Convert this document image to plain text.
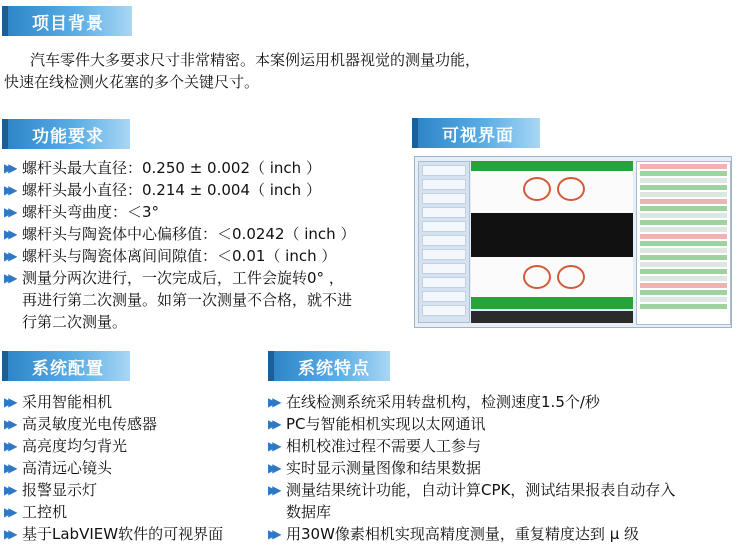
项目背景
汽车零件大多要求尺寸非常精密。本案例运用机器视觉的测量功能，
快速在线检测火花塞的多个关键尺寸。
功能要求
▶▶ 螺杆头最大直径：0.250 ± 0.002（ inch ）
▶▶ 螺杆头最小直径：0.214 ± 0.004（ inch ）
▶▶ 螺杆头弯曲度：＜3°
▶▶ 螺杆头与陶瓷体中心偏移值：＜0.0242（ inch ）
▶▶ 螺杆头与陶瓷体离间间隙值：＜0.01（ inch ）
▶▶ 测量分两次进行，一次完成后，工件会旋转0° ，
再进行第二次测量。如第一次测量不合格，就不进
行第二次测量。
可视界面
系统配置
▶▶ 采用智能相机
▶▶ 高灵敏度光电传感器
▶▶ 高亮度均匀背光
▶▶ 高清远心镜头
▶▶ 报警显示灯
▶▶ 工控机
▶▶ 基于LabVIEW软件的可视界面
系统特点
▶▶ 在线检测系统采用转盘机构，检测速度1.5个/秒
▶▶ PC与智能相机实现以太网通讯
▶▶ 相机校准过程不需要人工参与
▶▶ 实时显示测量图像和结果数据
▶▶ 测量结果统计功能，自动计算CPK，测试结果报表自动存入
数据库
▶▶ 用30W像素相机实现高精度测量，重复精度达到 μ 级
